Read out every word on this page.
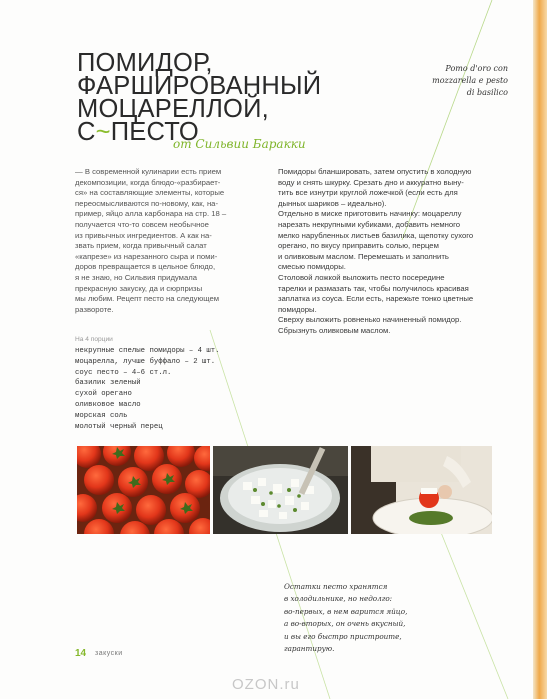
ПОМИДОР,
ФАРШИРОВАННЫЙ
МОЦАРЕЛЛОЙ,
С~ПЕСТО
от Сильвии Баракки
Pomo d'oro con
mozzarella e pesto
di basilico
— В современной кулинарии есть прием
декомпозиции, когда блюдо-«разбирает-
ся» на составляющие элементы, которые
переосмысливаются по-новому, как, на-
пример, яйцо алла карбонара на стр. 18 –
получается что-то совсем необычное
из привычных ингредиентов. А как на-
звать прием, когда привычный салат
«капрезе» из нарезанного сыра и поми-
доров превращается в цельное блюдо,
я не знаю, но Сильвия придумала
прекрасную закуску, да и сюрпризы
мы любим. Рецепт песто на следующем
развороте.
На 4 порции
некрупные спелые помидоры – 4 шт.
моцарелла, лучше буффало – 2 шт.
соус песто – 4–6 ст.л.
базилик зеленый
сухой орегано
оливковое масло
морская соль
молотый черный перец
Помидоры бланшировать, затем опустить в холодную
воду и снять шкурку. Срезать дно и аккуратно выну-
тить все изнутри круглой ложечкой (если есть для
дынных шариков – идеально).
Отдельно в миске приготовить начинку: моцареллу
нарезать некрупными кубиками, добавить немного
мелко нарубленных листьев базилика, щепотку сухого
орегано, по вкусу приправить солью, перцем
и оливковым маслом. Перемешать и заполнить
смесью помидоры.
Столовой ложкой выложить песто посередине
тарелки и размазать так, чтобы получилось красивая
заплатка из соуса. Если есть, нарежьте тонко цветные
помидоры.
Сверху выложить ровненько начиненный помидор.
Сбрызнуть оливковым маслом.
Остатки песто хранятся
в холодильнике, но недолго:
во-первых, в нем варится яйцо,
а во-вторых, он очень вкусный,
и вы его быстро пристроите,
гарантирую.
14 закуски
OZON.ru
